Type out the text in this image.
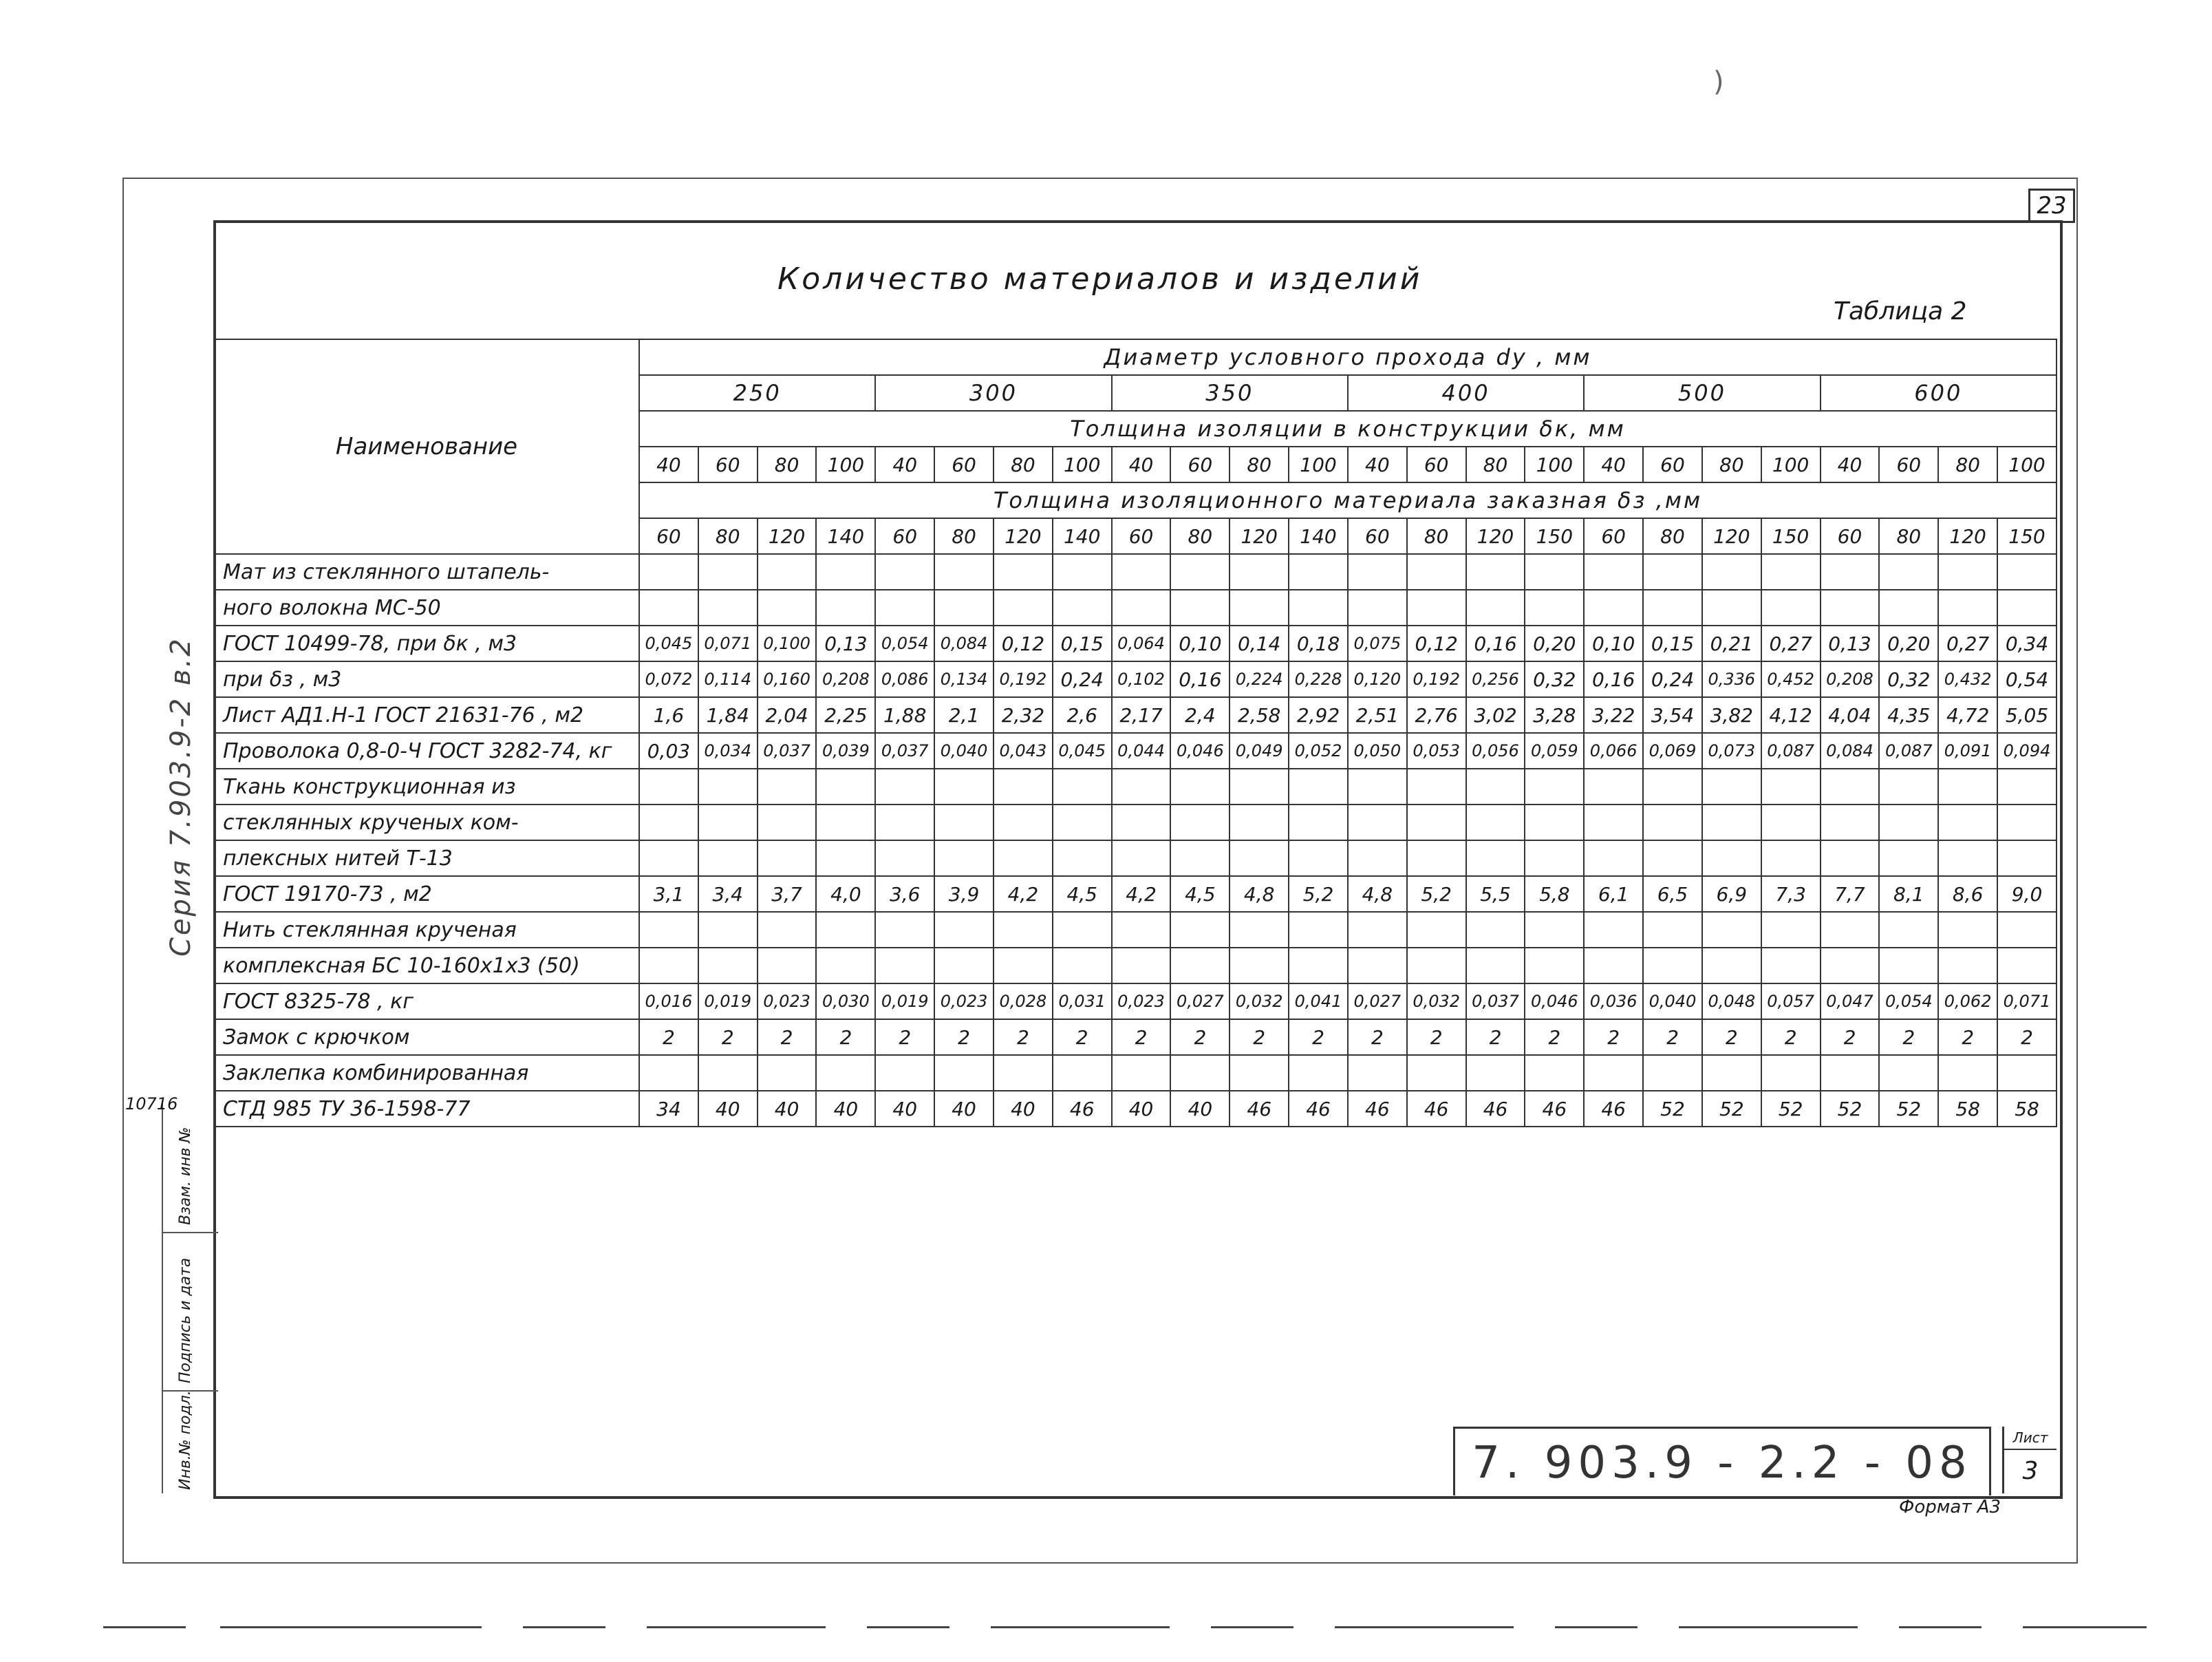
)
23
Количество материалов и изделий
Таблица 2
Наименование	Диаметр условного прохода dу , мм																							
	250				300				350				400				500				600			
	Толщина изоляции в конструкции δк, мм																							
	40	60	80	100	40	60	80	100	40	60	80	100	40	60	80	100	40	60	80	100	40	60	80	100
	Толщина изоляционного материала заказная δз ,мм																							
	60	80	120	140	60	80	120	140	60	80	120	140	60	80	120	150	60	80	120	150	60	80	120	150
Мат из стеклянного штапель-																								
ного волокна МС-50																								
ГОСТ 10499-78, при δк , м3	0,045	0,071	0,100	0,13	0,054	0,084	0,12	0,15	0,064	0,10	0,14	0,18	0,075	0,12	0,16	0,20	0,10	0,15	0,21	0,27	0,13	0,20	0,27	0,34
при δз , м3	0,072	0,114	0,160	0,208	0,086	0,134	0,192	0,24	0,102	0,16	0,224	0,228	0,120	0,192	0,256	0,32	0,16	0,24	0,336	0,452	0,208	0,32	0,432	0,54
Лист АД1.Н-1 ГОСТ 21631-76 , м2	1,6	1,84	2,04	2,25	1,88	2,1	2,32	2,6	2,17	2,4	2,58	2,92	2,51	2,76	3,02	3,28	3,22	3,54	3,82	4,12	4,04	4,35	4,72	5,05
Проволока 0,8-0-Ч ГОСТ 3282-74, кг	0,03	0,034	0,037	0,039	0,037	0,040	0,043	0,045	0,044	0,046	0,049	0,052	0,050	0,053	0,056	0,059	0,066	0,069	0,073	0,087	0,084	0,087	0,091	0,094
Ткань конструкционная из																								
стеклянных крученых ком-																								
плексных нитей Т-13																								
ГОСТ 19170-73 , м2	3,1	3,4	3,7	4,0	3,6	3,9	4,2	4,5	4,2	4,5	4,8	5,2	4,8	5,2	5,5	5,8	6,1	6,5	6,9	7,3	7,7	8,1	8,6	9,0
Нить стеклянная крученая																								
комплексная БС 10-160х1х3 (50)																								
ГОСТ 8325-78 , кг	0,016	0,019	0,023	0,030	0,019	0,023	0,028	0,031	0,023	0,027	0,032	0,041	0,027	0,032	0,037	0,046	0,036	0,040	0,048	0,057	0,047	0,054	0,062	0,071
Замок с крючком	2	2	2	2	2	2	2	2	2	2	2	2	2	2	2	2	2	2	2	2	2	2	2	2
Заклепка комбинированная																								
СТД 985 ТУ 36-1598-77	34	40	40	40	40	40	40	46	40	40	46	46	46	46	46	46	46	52	52	52	52	52	58	58
Взам. инв №
Подпись и дата
Инв.№ подл.
10716
Серия 7.903.9-2 в.2
7. 903.9 - 2.2 - 08	Лист
3
Формат А3
